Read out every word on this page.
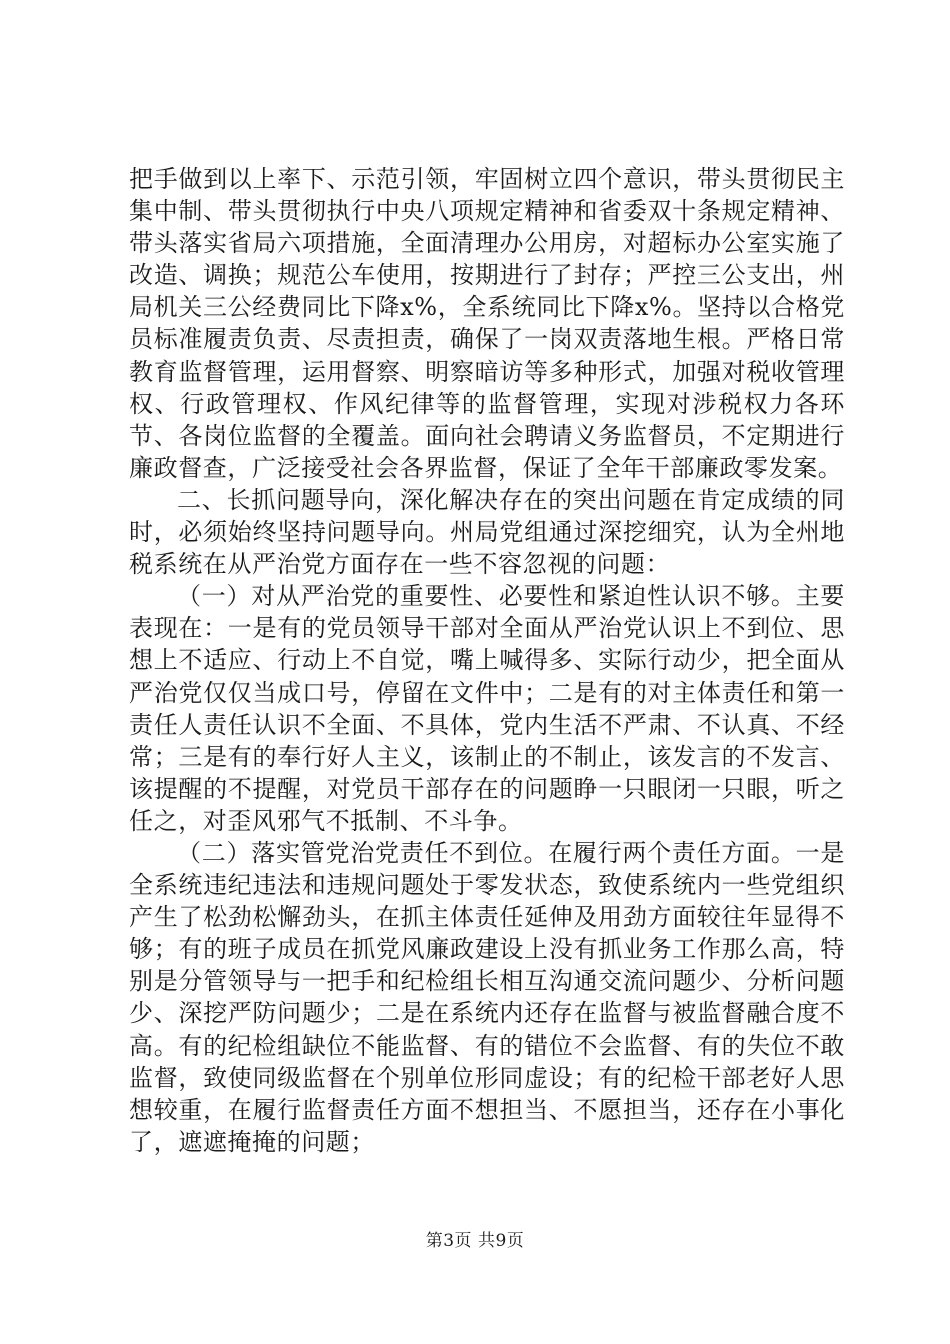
把手做到以上率下、示范引领，牢固树立四个意识，带头贯彻民主集中制、带头贯彻执行中央八项规定精神和省委双十条规定精神、带头落实省局六项措施，全面清理办公用房，对超标办公室实施了改造、调换；规范公车使用，按期进行了封存；严控三公支出，州局机关三公经费同比下降x%，全系统同比下降x%。坚持以合格党员标准履责负责、尽责担责，确保了一岗双责落地生根。严格日常教育监督管理，运用督察、明察暗访等多种形式，加强对税收管理权、行政管理权、作风纪律等的监督管理，实现对涉税权力各环节、各岗位监督的全覆盖。面向社会聘请义务监督员，不定期进行廉政督查，广泛接受社会各界监督，保证了全年干部廉政零发案。

二、长抓问题导向，深化解决存在的突出问题在肯定成绩的同时，必须始终坚持问题导向。州局党组通过深挖细究，认为全州地税系统在从严治党方面存在一些不容忽视的问题：

（一）对从严治党的重要性、必要性和紧迫性认识不够。主要表现在：一是有的党员领导干部对全面从严治党认识上不到位、思想上不适应、行动上不自觉，嘴上喊得多、实际行动少，把全面从严治党仅仅当成口号，停留在文件中；二是有的对主体责任和第一责任人责任认识不全面、不具体，党内生活不严肃、不认真、不经常；三是有的奉行好人主义，该制止的不制止，该发言的不发言、该提醒的不提醒，对党员干部存在的问题睁一只眼闭一只眼，听之任之，对歪风邪气不抵制、不斗争。

（二）落实管党治党责任不到位。在履行两个责任方面。一是全系统违纪违法和违规问题处于零发状态，致使系统内一些党组织产生了松劲松懈劲头，在抓主体责任延伸及用劲方面较往年显得不够；有的班子成员在抓党风廉政建设上没有抓业务工作那么高，特别是分管领导与一把手和纪检组长相互沟通交流问题少、分析问题少、深挖严防问题少；二是在系统内还存在监督与被监督融合度不高。有的纪检组缺位不能监督、有的错位不会监督、有的失位不敢监督，致使同级监督在个别单位形同虚设；有的纪检干部老好人思想较重，在履行监督责任方面不想担当、不愿担当，还存在小事化了，遮遮掩掩的问题；

第3页 共9页
